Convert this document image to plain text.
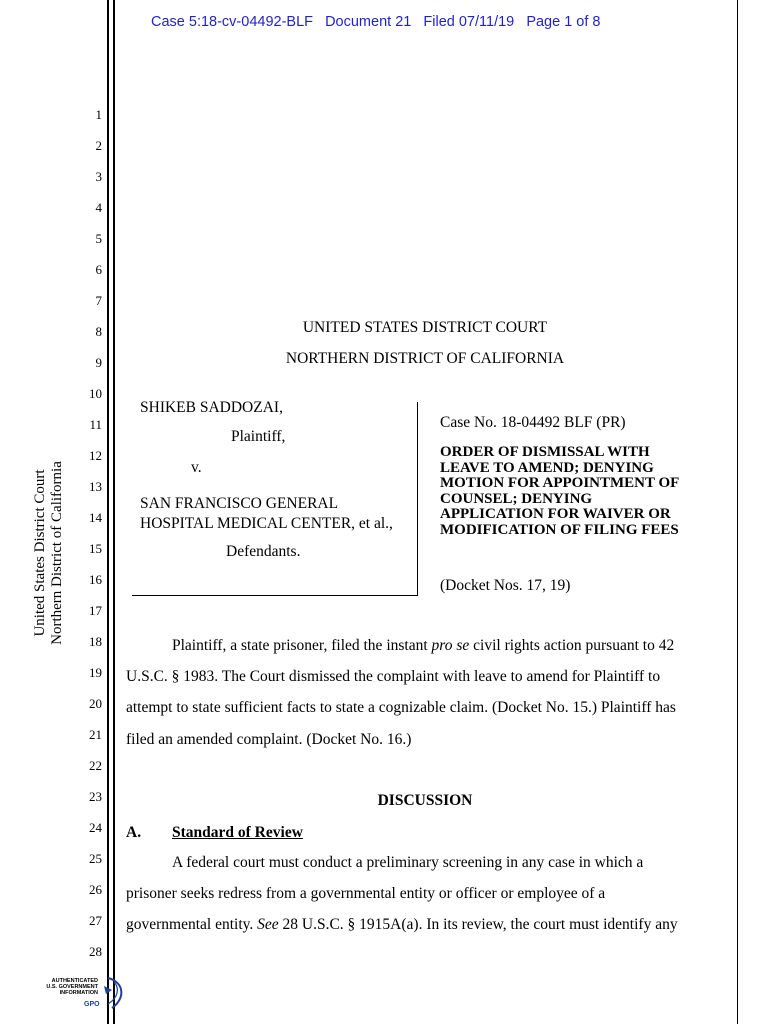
Case 5:18-cv-04492-BLF   Document 21   Filed 07/11/19   Page 1 of 8
1
2
3
4
5
6
7
8
9
10
11
12
13
14
15
16
17
18
19
20
21
22
23
24
25
26
27
28
United States District Court Northern District of California
UNITED STATES DISTRICT COURT
NORTHERN DISTRICT OF CALIFORNIA
SHIKEB SADDOZAI,
Plaintiff,
v.
SAN FRANCISCO GENERAL
HOSPITAL MEDICAL CENTER, et al.,
Defendants.
Case No. 18-04492 BLF (PR)
ORDER OF DISMISSAL WITH
LEAVE TO AMEND; DENYING
MOTION FOR APPOINTMENT OF
COUNSEL; DENYING
APPLICATION FOR WAIVER OR
MODIFICATION OF FILING FEES
(Docket Nos. 17, 19)
Plaintiff, a state prisoner, filed the instant pro se civil rights action pursuant to 42
U.S.C. § 1983. The Court dismissed the complaint with leave to amend for Plaintiff to
attempt to state sufficient facts to state a cognizable claim. (Docket No. 15.) Plaintiff has
filed an amended complaint. (Docket No. 16.)
DISCUSSION
A. Standard of Review
A federal court must conduct a preliminary screening in any case in which a
prisoner seeks redress from a governmental entity or officer or employee of a
governmental entity. See 28 U.S.C. § 1915A(a). In its review, the court must identify any
AUTHENTICATED
U.S. GOVERNMENT
INFORMATION
GPO
